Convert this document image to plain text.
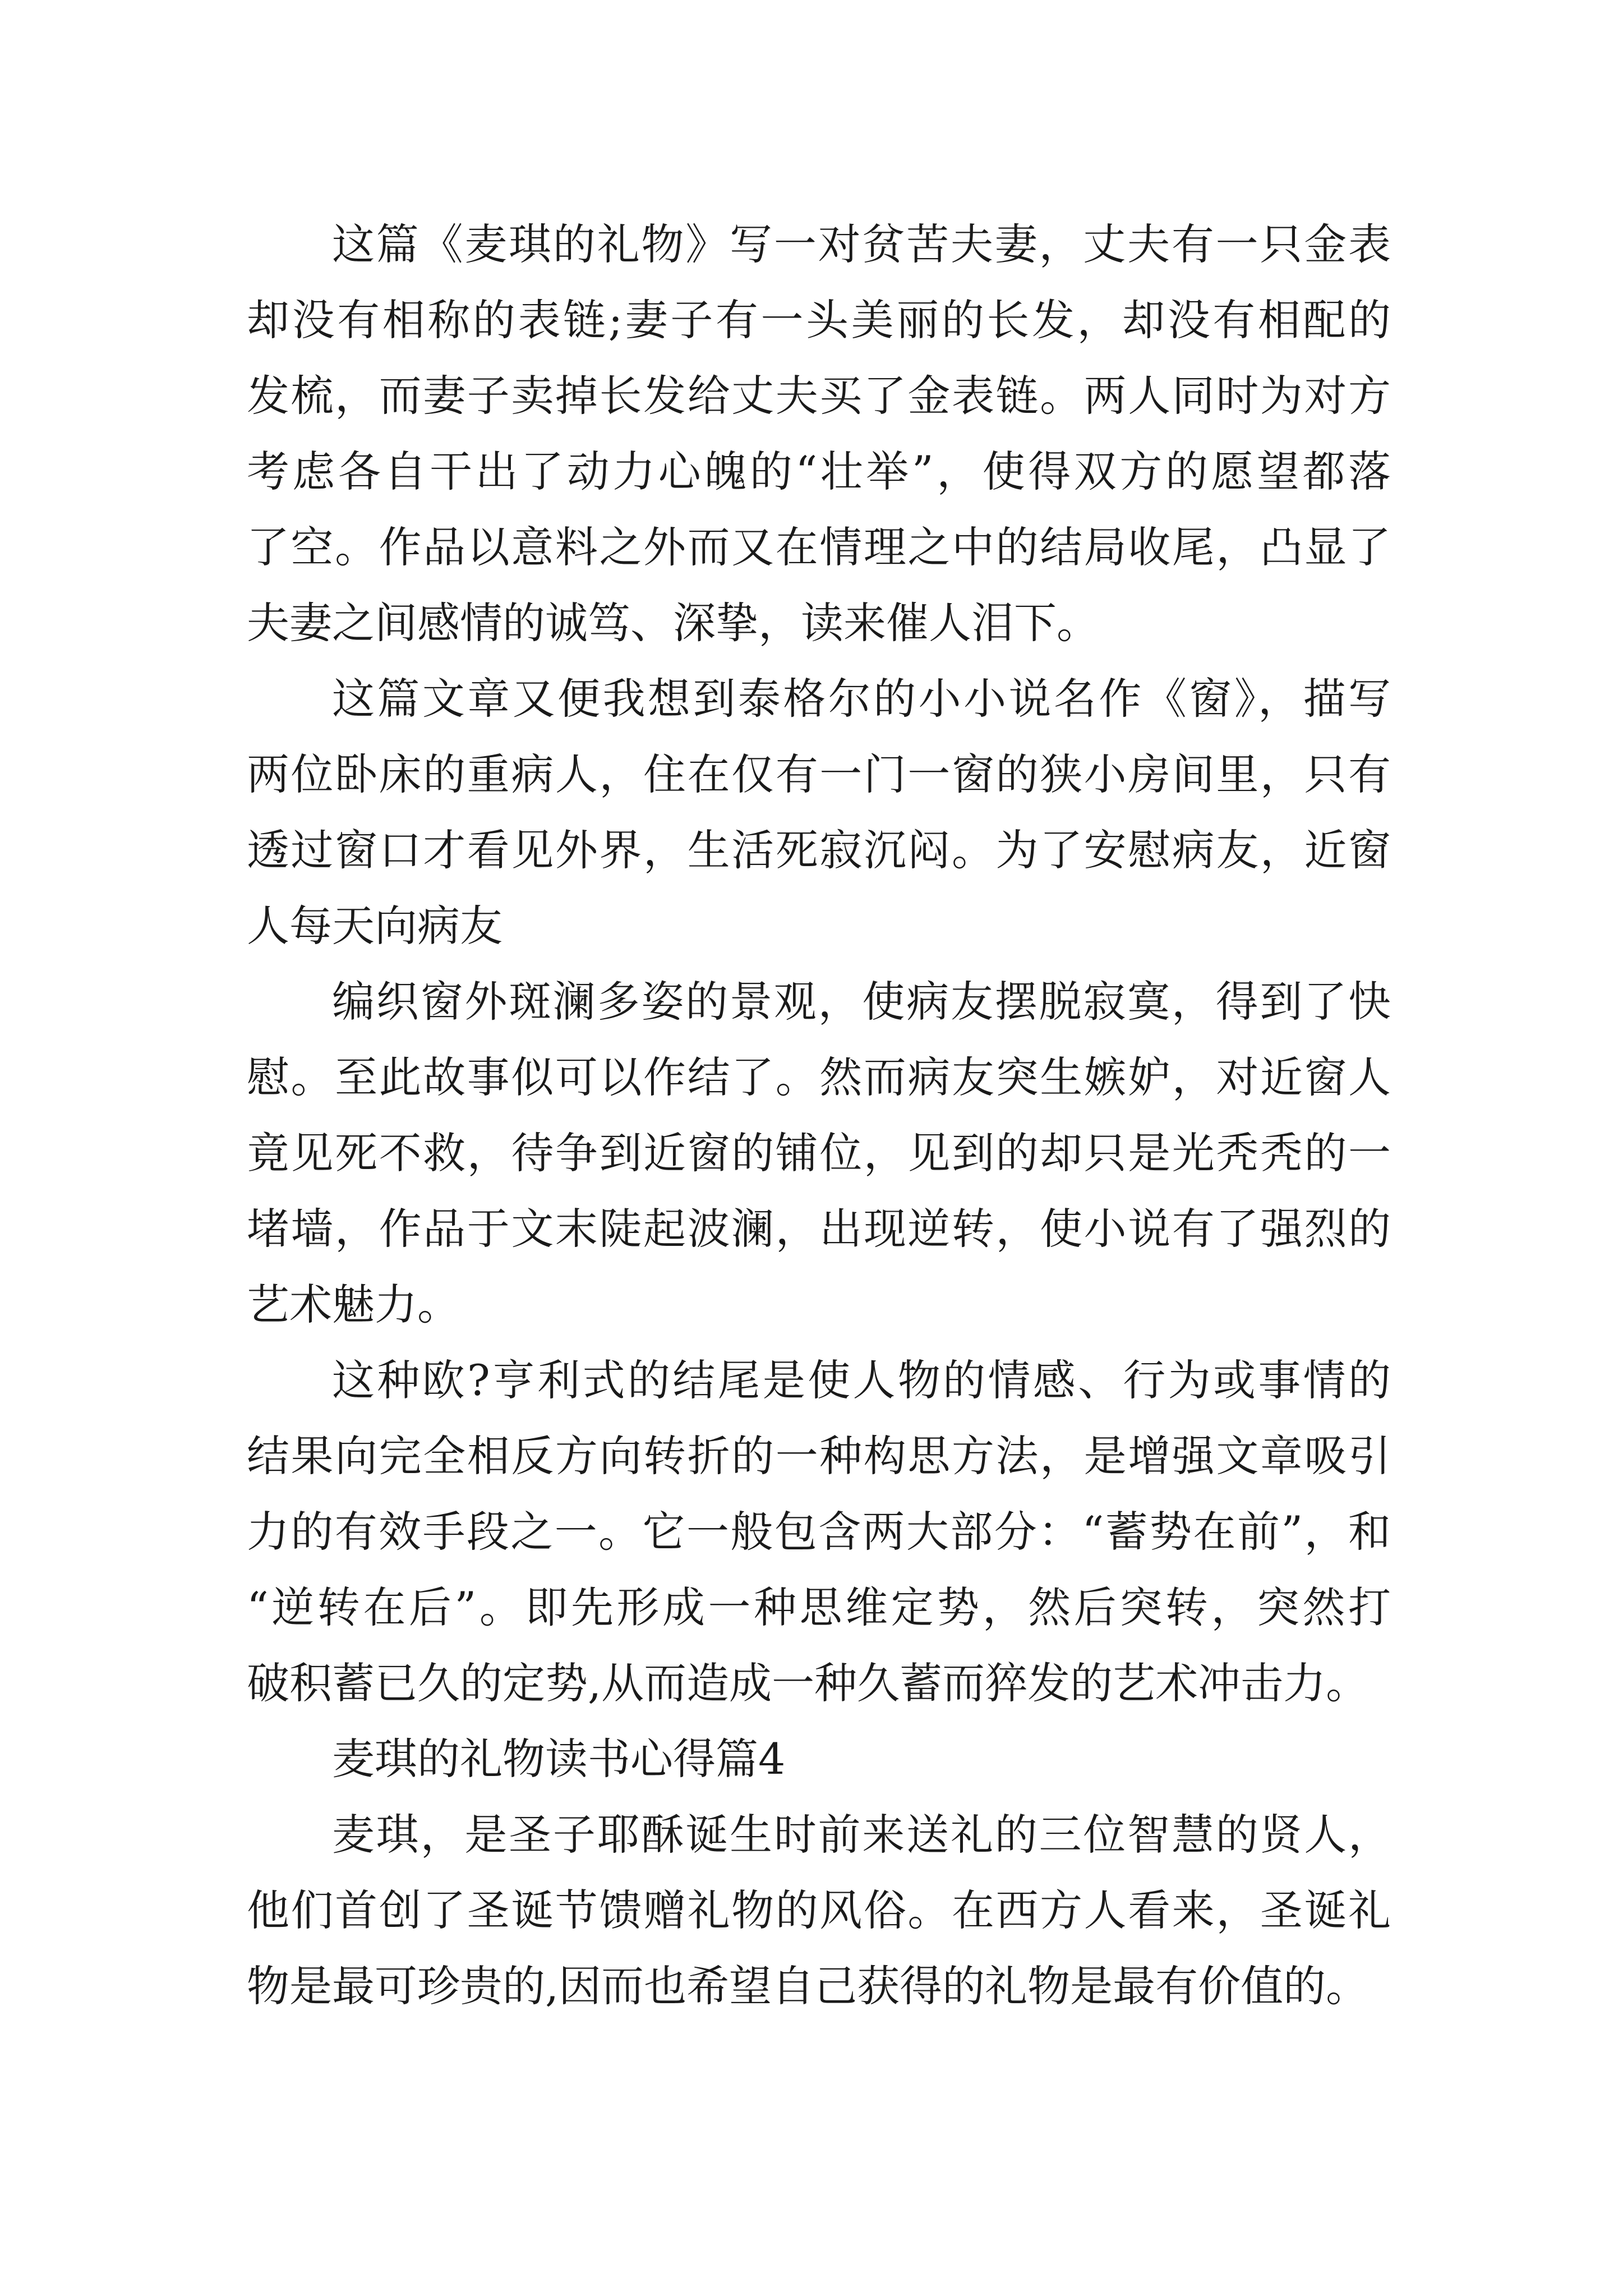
这篇《麦琪的礼物》写一对贫苦夫妻，丈夫有一只金表
却没有相称的表链;妻子有一头美丽的长发，却没有相配的
发梳，而妻子卖掉长发给丈夫买了金表链。两人同时为对方
考虑各自干出了动力心魄的“壮举”，使得双方的愿望都落
了空。作品以意料之外而又在情理之中的结局收尾，凸显了
夫妻之间感情的诚笃、深挚，读来催人泪下。
这篇文章又便我想到泰格尔的小小说名作《窗》，描写
两位卧床的重病人，住在仅有一门一窗的狭小房间里，只有
透过窗口才看见外界，生活死寂沉闷。为了安慰病友，近窗
人每天向病友
编织窗外斑澜多姿的景观，使病友摆脱寂寞，得到了快
慰。至此故事似可以作结了。然而病友突生嫉妒，对近窗人
竟见死不救，待争到近窗的铺位，见到的却只是光秃秃的一
堵墙，作品于文末陡起波澜，出现逆转，使小说有了强烈的
艺术魅力。
这种欧?亨利式的结尾是使人物的情感、行为或事情的
结果向完全相反方向转折的一种构思方法，是增强文章吸引
力的有效手段之一。它一般包含两大部分：“蓄势在前”，和
“逆转在后”。即先形成一种思维定势，然后突转，突然打
破积蓄已久的定势,从而造成一种久蓄而猝发的艺术冲击力。
麦琪的礼物读书心得篇4
麦琪，是圣子耶酥诞生时前来送礼的三位智慧的贤人，
他们首创了圣诞节馈赠礼物的风俗。在西方人看来，圣诞礼
物是最可珍贵的,因而也希望自己获得的礼物是最有价值的。
